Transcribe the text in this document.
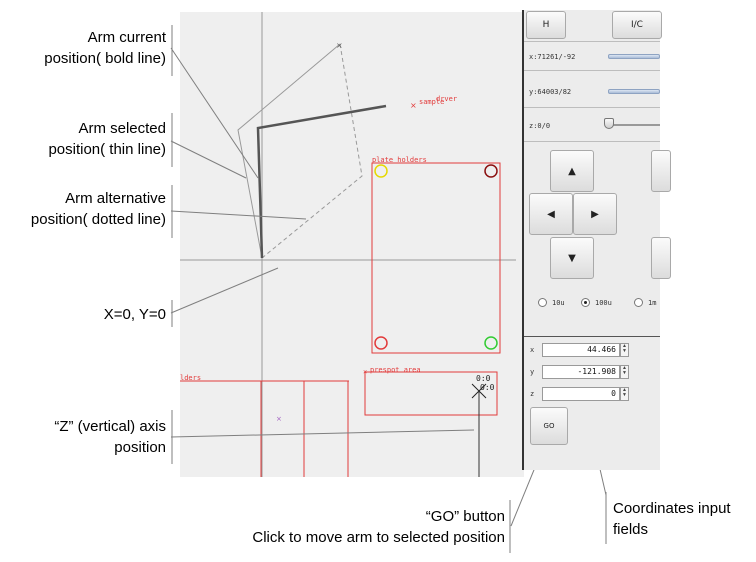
×
× sample
drver
plate holders
× prespot area
0:0
0:0
lders
×
H	I/C
x:71261/-92
y:64003/82
z:0/0
▲
◀	▶
▼
10u	100u	1m
x	44.466	▲
▼
y	-121.908	▲
▼
z	0	▲
▼
GO
Arm current
position( bold line)
Arm selected
position( thin line)
Arm alternative
position( dotted line)
X=0, Y=0
“Z” (vertical) axis
position
“GO” button
Click to move arm to selected position
Coordinates input
fields
